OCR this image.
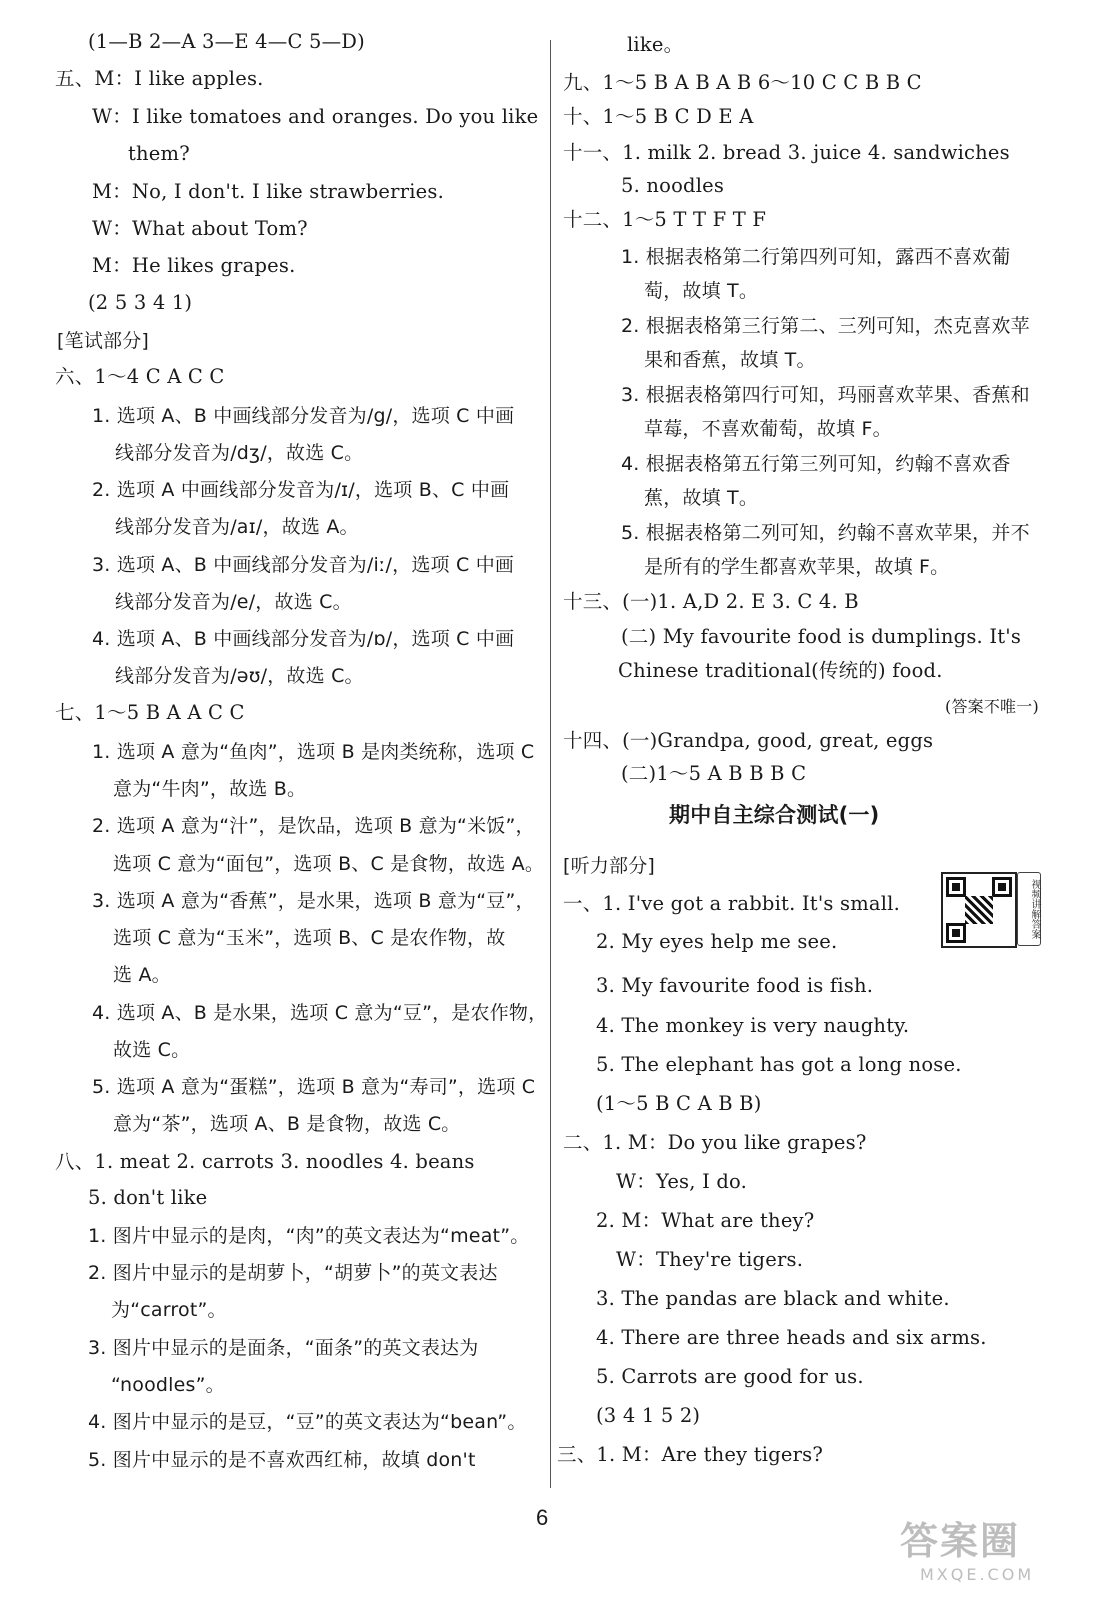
(1—B 2—A 3—E 4—C 5—D)
五、M：I like apples.
W：I like tomatoes and oranges. Do you like
them?
M：No, I don't. I like strawberries.
W：What about Tom?
M：He likes grapes.
(2 5 3 4 1)
[笔试部分]
六、1～4 C A C C
1. 选项 A、B 中画线部分发音为/g/，选项 C 中画
线部分发音为/dʒ/，故选 C。
2. 选项 A 中画线部分发音为/ɪ/，选项 B、C 中画
线部分发音为/aɪ/，故选 A。
3. 选项 A、B 中画线部分发音为/iː/，选项 C 中画
线部分发音为/e/，故选 C。
4. 选项 A、B 中画线部分发音为/ɒ/，选项 C 中画
线部分发音为/əʊ/，故选 C。
七、1～5 B A A C C
1. 选项 A 意为“鱼肉”，选项 B 是肉类统称，选项 C
意为“牛肉”，故选 B。
2. 选项 A 意为“汁”，是饮品，选项 B 意为“米饭”，
选项 C 意为“面包”，选项 B、C 是食物，故选 A。
3. 选项 A 意为“香蕉”，是水果，选项 B 意为“豆”，
选项 C 意为“玉米”，选项 B、C 是农作物，故
选 A。
4. 选项 A、B 是水果，选项 C 意为“豆”，是农作物，
故选 C。
5. 选项 A 意为“蛋糕”，选项 B 意为“寿司”，选项 C
意为“茶”，选项 A、B 是食物，故选 C。
八、1. meat 2. carrots 3. noodles 4. beans
5. don't like
1. 图片中显示的是肉，“肉”的英文表达为“meat”。
2. 图片中显示的是胡萝卜，“胡萝卜”的英文表达
为“carrot”。
3. 图片中显示的是面条，“面条”的英文表达为
“noodles”。
4. 图片中显示的是豆，“豆”的英文表达为“bean”。
5. 图片中显示的是不喜欢西红柿，故填 don't
like。
九、1～5 B A B A B 6～10 C C B B C
十、1～5 B C D E A
十一、1. milk 2. bread 3. juice 4. sandwiches
5. noodles
十二、1～5 T T F T F
1. 根据表格第二行第四列可知，露西不喜欢葡
萄，故填 T。
2. 根据表格第三行第二、三列可知，杰克喜欢苹
果和香蕉，故填 T。
3. 根据表格第四行可知，玛丽喜欢苹果、香蕉和
草莓，不喜欢葡萄，故填 F。
4. 根据表格第五行第三列可知，约翰不喜欢香
蕉，故填 T。
5. 根据表格第二列可知，约翰不喜欢苹果，并不
是所有的学生都喜欢苹果，故填 F。
十三、(一)1. A,D 2. E 3. C 4. B
(二) My favourite food is dumplings. It's
Chinese traditional(传统的) food.
(答案不唯一)
十四、(一)Grandpa, good, great, eggs
(二)1～5 A B B B C
期中自主综合测试(一)
[听力部分]
一、1. I've got a rabbit. It's small.
2. My eyes help me see.
3. My favourite food is fish.
4. The monkey is very naughty.
5. The elephant has got a long nose.
(1～5 B C A B B)
二、1. M：Do you like grapes?
W：Yes, I do.
2. M：What are they?
W：They're tigers.
3. The pandas are black and white.
4. There are three heads and six arms.
5. Carrots are good for us.
(3 4 1 5 2)
三、1. M：Are they tigers?
视频讲解答案
6
答案圈
MXQE.COM
